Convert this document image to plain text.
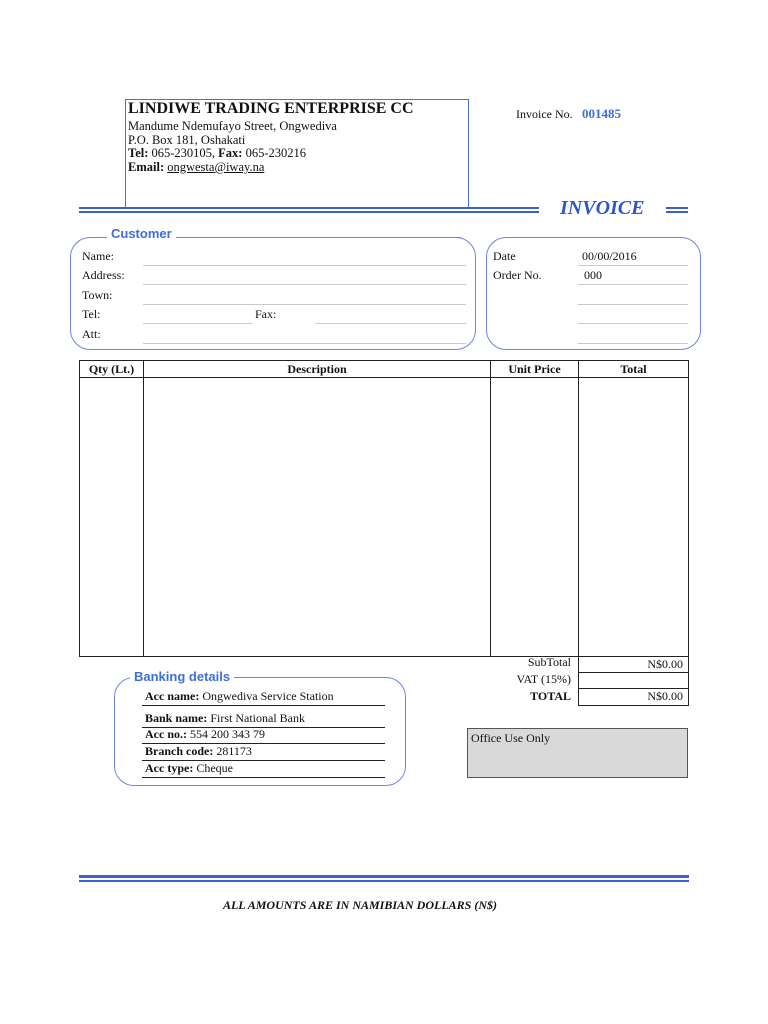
LINDIWE TRADING ENTERPRISE CC
Mandume Ndemufayo Street, Ongwediva
P.O. Box 181, Oshakati
Tel: 065-230105, Fax: 065-230216
Email: ongwesta@iway.na
Invoice No. 001485
INVOICE
Customer
Name:
Address:
Town:
Tel:	Fax:
Att:
Date	00/00/2016
Order No.	000
Qty (Lt.)	Description	Unit Price	Total
SubTotal	N$0.00
VAT (15%)
TOTAL	N$0.00
Banking details
Acc name: Ongwediva Service Station
Bank name: First National Bank
Acc no.: 554 200 343 79
Branch code: 281173
Acc type: Cheque
Office Use Only
ALL AMOUNTS ARE IN NAMIBIAN DOLLARS (N$)
